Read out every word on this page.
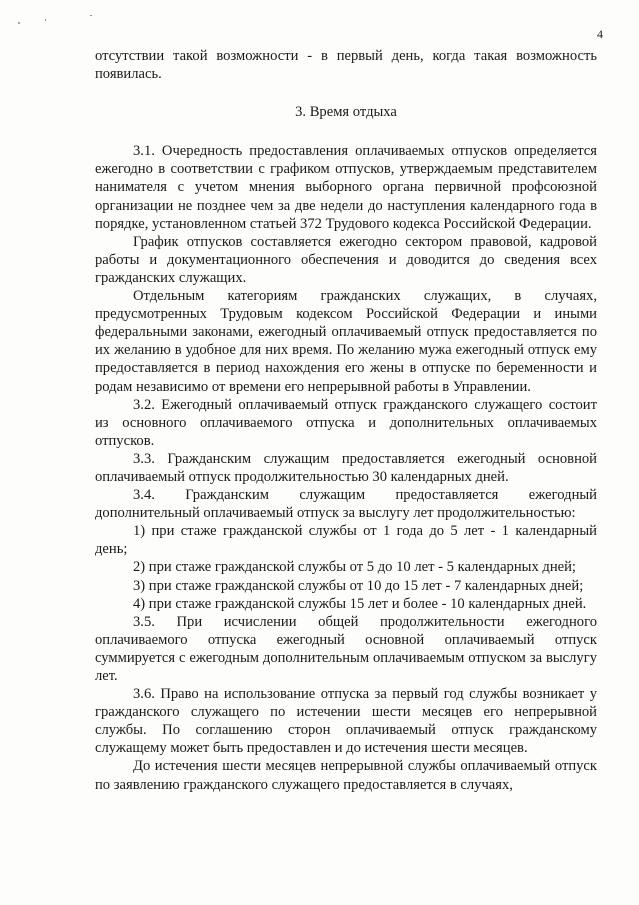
4

отсутствии такой возможности - в первый день, когда такая возможность появилась.

3. Время отдыха

3.1. Очередность предоставления оплачиваемых отпусков определяется ежегодно в соответствии с графиком отпусков, утверждаемым представителем нанимателя с учетом мнения выборного органа первичной профсоюзной организации не позднее чем за две недели до наступления календарного года в порядке, установленном статьей 372 Трудового кодекса Российской Федерации.

График отпусков составляется ежегодно сектором правовой, кадровой работы и документационного обеспечения и доводится до сведения всех гражданских служащих.

Отдельным категориям гражданских служащих, в случаях, предусмотренных Трудовым кодексом Российской Федерации и иными федеральными законами, ежегодный оплачиваемый отпуск предоставляется по их желанию в удобное для них время. По желанию мужа ежегодный отпуск ему предоставляется в период нахождения его жены в отпуске по беременности и родам независимо от времени его непрерывной работы в Управлении.

3.2. Ежегодный оплачиваемый отпуск гражданского служащего состоит из основного оплачиваемого отпуска и дополнительных оплачиваемых отпусков.

3.3. Гражданским служащим предоставляется ежегодный основной оплачиваемый отпуск продолжительностью 30 календарных дней.

3.4. Гражданским служащим предоставляется ежегодный дополнительный оплачиваемый отпуск за выслугу лет продолжительностью:

1) при стаже гражданской службы от 1 года до 5 лет - 1 календарный день;

2) при стаже гражданской службы от 5 до 10 лет - 5 календарных дней;

3) при стаже гражданской службы от 10 до 15 лет - 7 календарных дней;

4) при стаже гражданской службы 15 лет и более - 10 календарных дней.

3.5. При исчислении общей продолжительности ежегодного оплачиваемого отпуска ежегодный основной оплачиваемый отпуск суммируется с ежегодным дополнительным оплачиваемым отпуском за выслугу лет.

3.6. Право на использование отпуска за первый год службы возникает у гражданского служащего по истечении шести месяцев его непрерывной службы. По соглашению сторон оплачиваемый отпуск гражданскому служащему может быть предоставлен и до истечения шести месяцев.

До истечения шести месяцев непрерывной службы оплачиваемый отпуск по заявлению гражданского служащего предоставляется в случаях,
